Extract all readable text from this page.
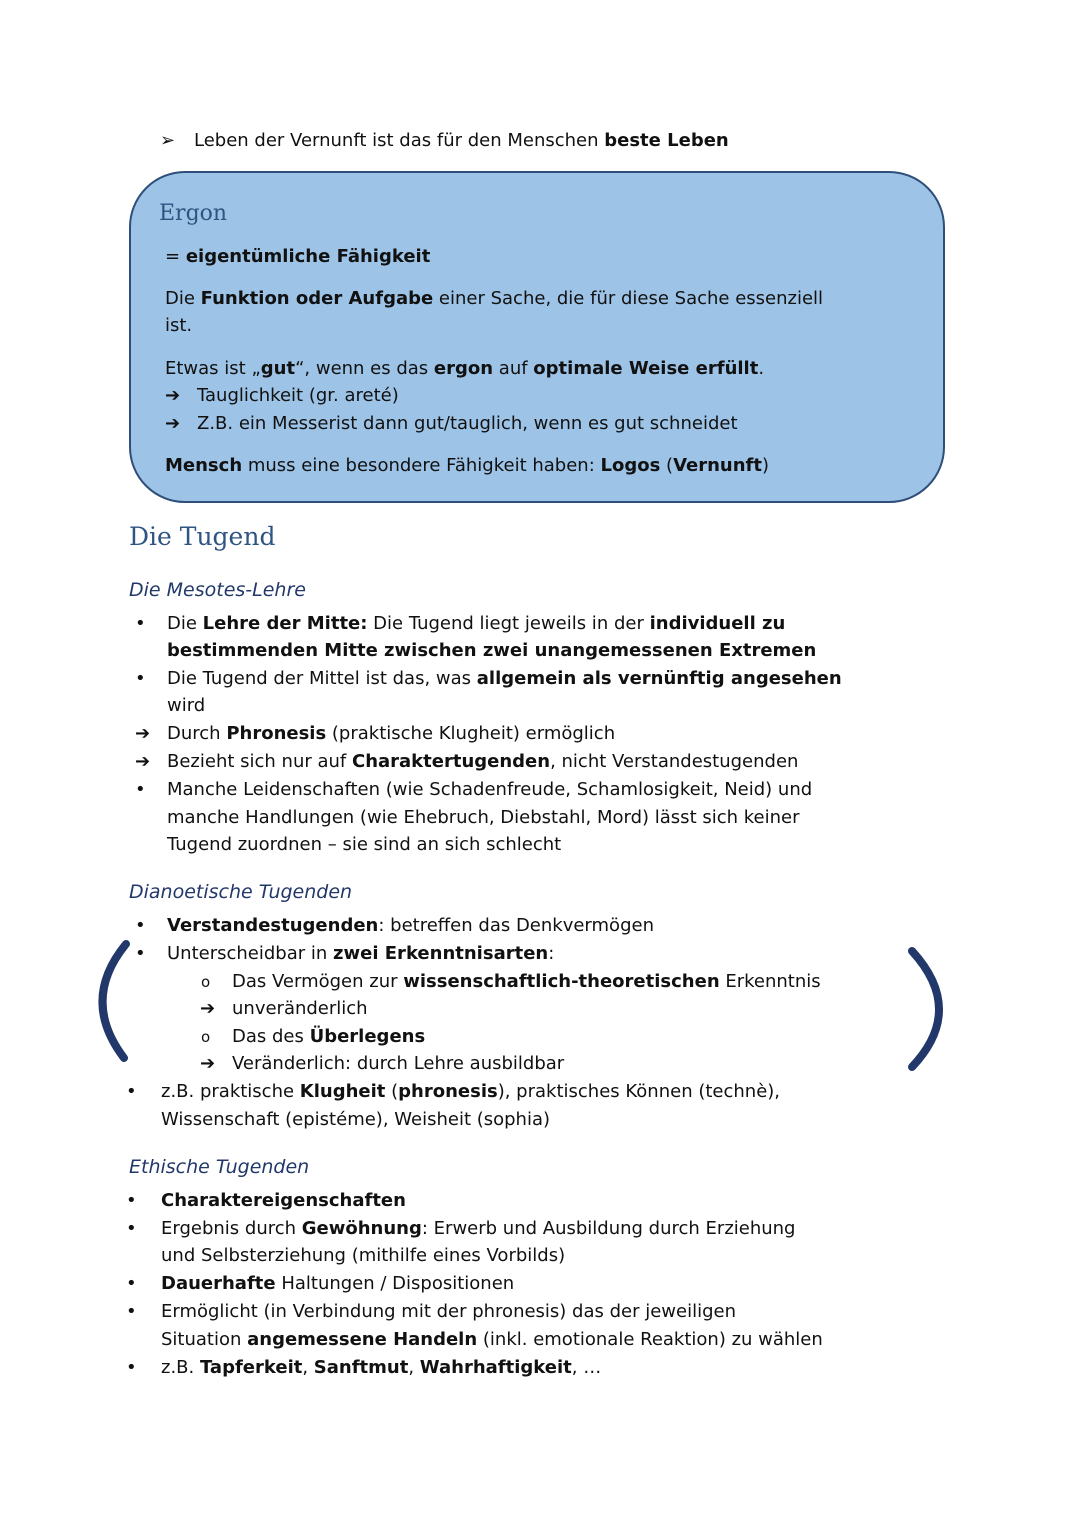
➢ Leben der Vernunft ist das für den Menschen beste Leben
Ergon
= eigentümliche Fähigkeit
Die Funktion oder Aufgabe einer Sache, die für diese Sache essenziell
ist.
Etwas ist „gut“, wenn es das ergon auf optimale Weise erfüllt.
➔ Tauglichkeit (gr. areté)
➔ Z.B. ein Messerist dann gut/tauglich, wenn es gut schneidet
Mensch muss eine besondere Fähigkeit haben: Logos (Vernunft)
Die Tugend
Die Mesotes-Lehre
• Die Lehre der Mitte: Die Tugend liegt jeweils in der individuell zu
bestimmenden Mitte zwischen zwei unangemessenen Extremen
• Die Tugend der Mittel ist das, was allgemein als vernünftig angesehen
wird
➔ Durch Phronesis (praktische Klugheit) ermöglich
➔ Bezieht sich nur auf Charaktertugenden, nicht Verstandestugenden
• Manche Leidenschaften (wie Schadenfreude, Schamlosigkeit, Neid) und
manche Handlungen (wie Ehebruch, Diebstahl, Mord) lässt sich keiner
Tugend zuordnen – sie sind an sich schlecht
Dianoetische Tugenden
• Verstandestugenden: betreffen das Denkvermögen
• Unterscheidbar in zwei Erkenntnisarten:
o Das Vermögen zur wissenschaftlich-theoretischen Erkenntnis
➔ unveränderlich
o Das des Überlegens
➔ Veränderlich: durch Lehre ausbildbar
• z.B. praktische Klugheit (phronesis), praktisches Können (technè),
Wissenschaft (epistéme), Weisheit (sophia)
Ethische Tugenden
• Charaktereigenschaften
• Ergebnis durch Gewöhnung: Erwerb und Ausbildung durch Erziehung
und Selbsterziehung (mithilfe eines Vorbilds)
• Dauerhafte Haltungen / Dispositionen
• Ermöglicht (in Verbindung mit der phronesis) das der jeweiligen
Situation angemessene Handeln (inkl. emotionale Reaktion) zu wählen
• z.B. Tapferkeit, Sanftmut, Wahrhaftigkeit, …
